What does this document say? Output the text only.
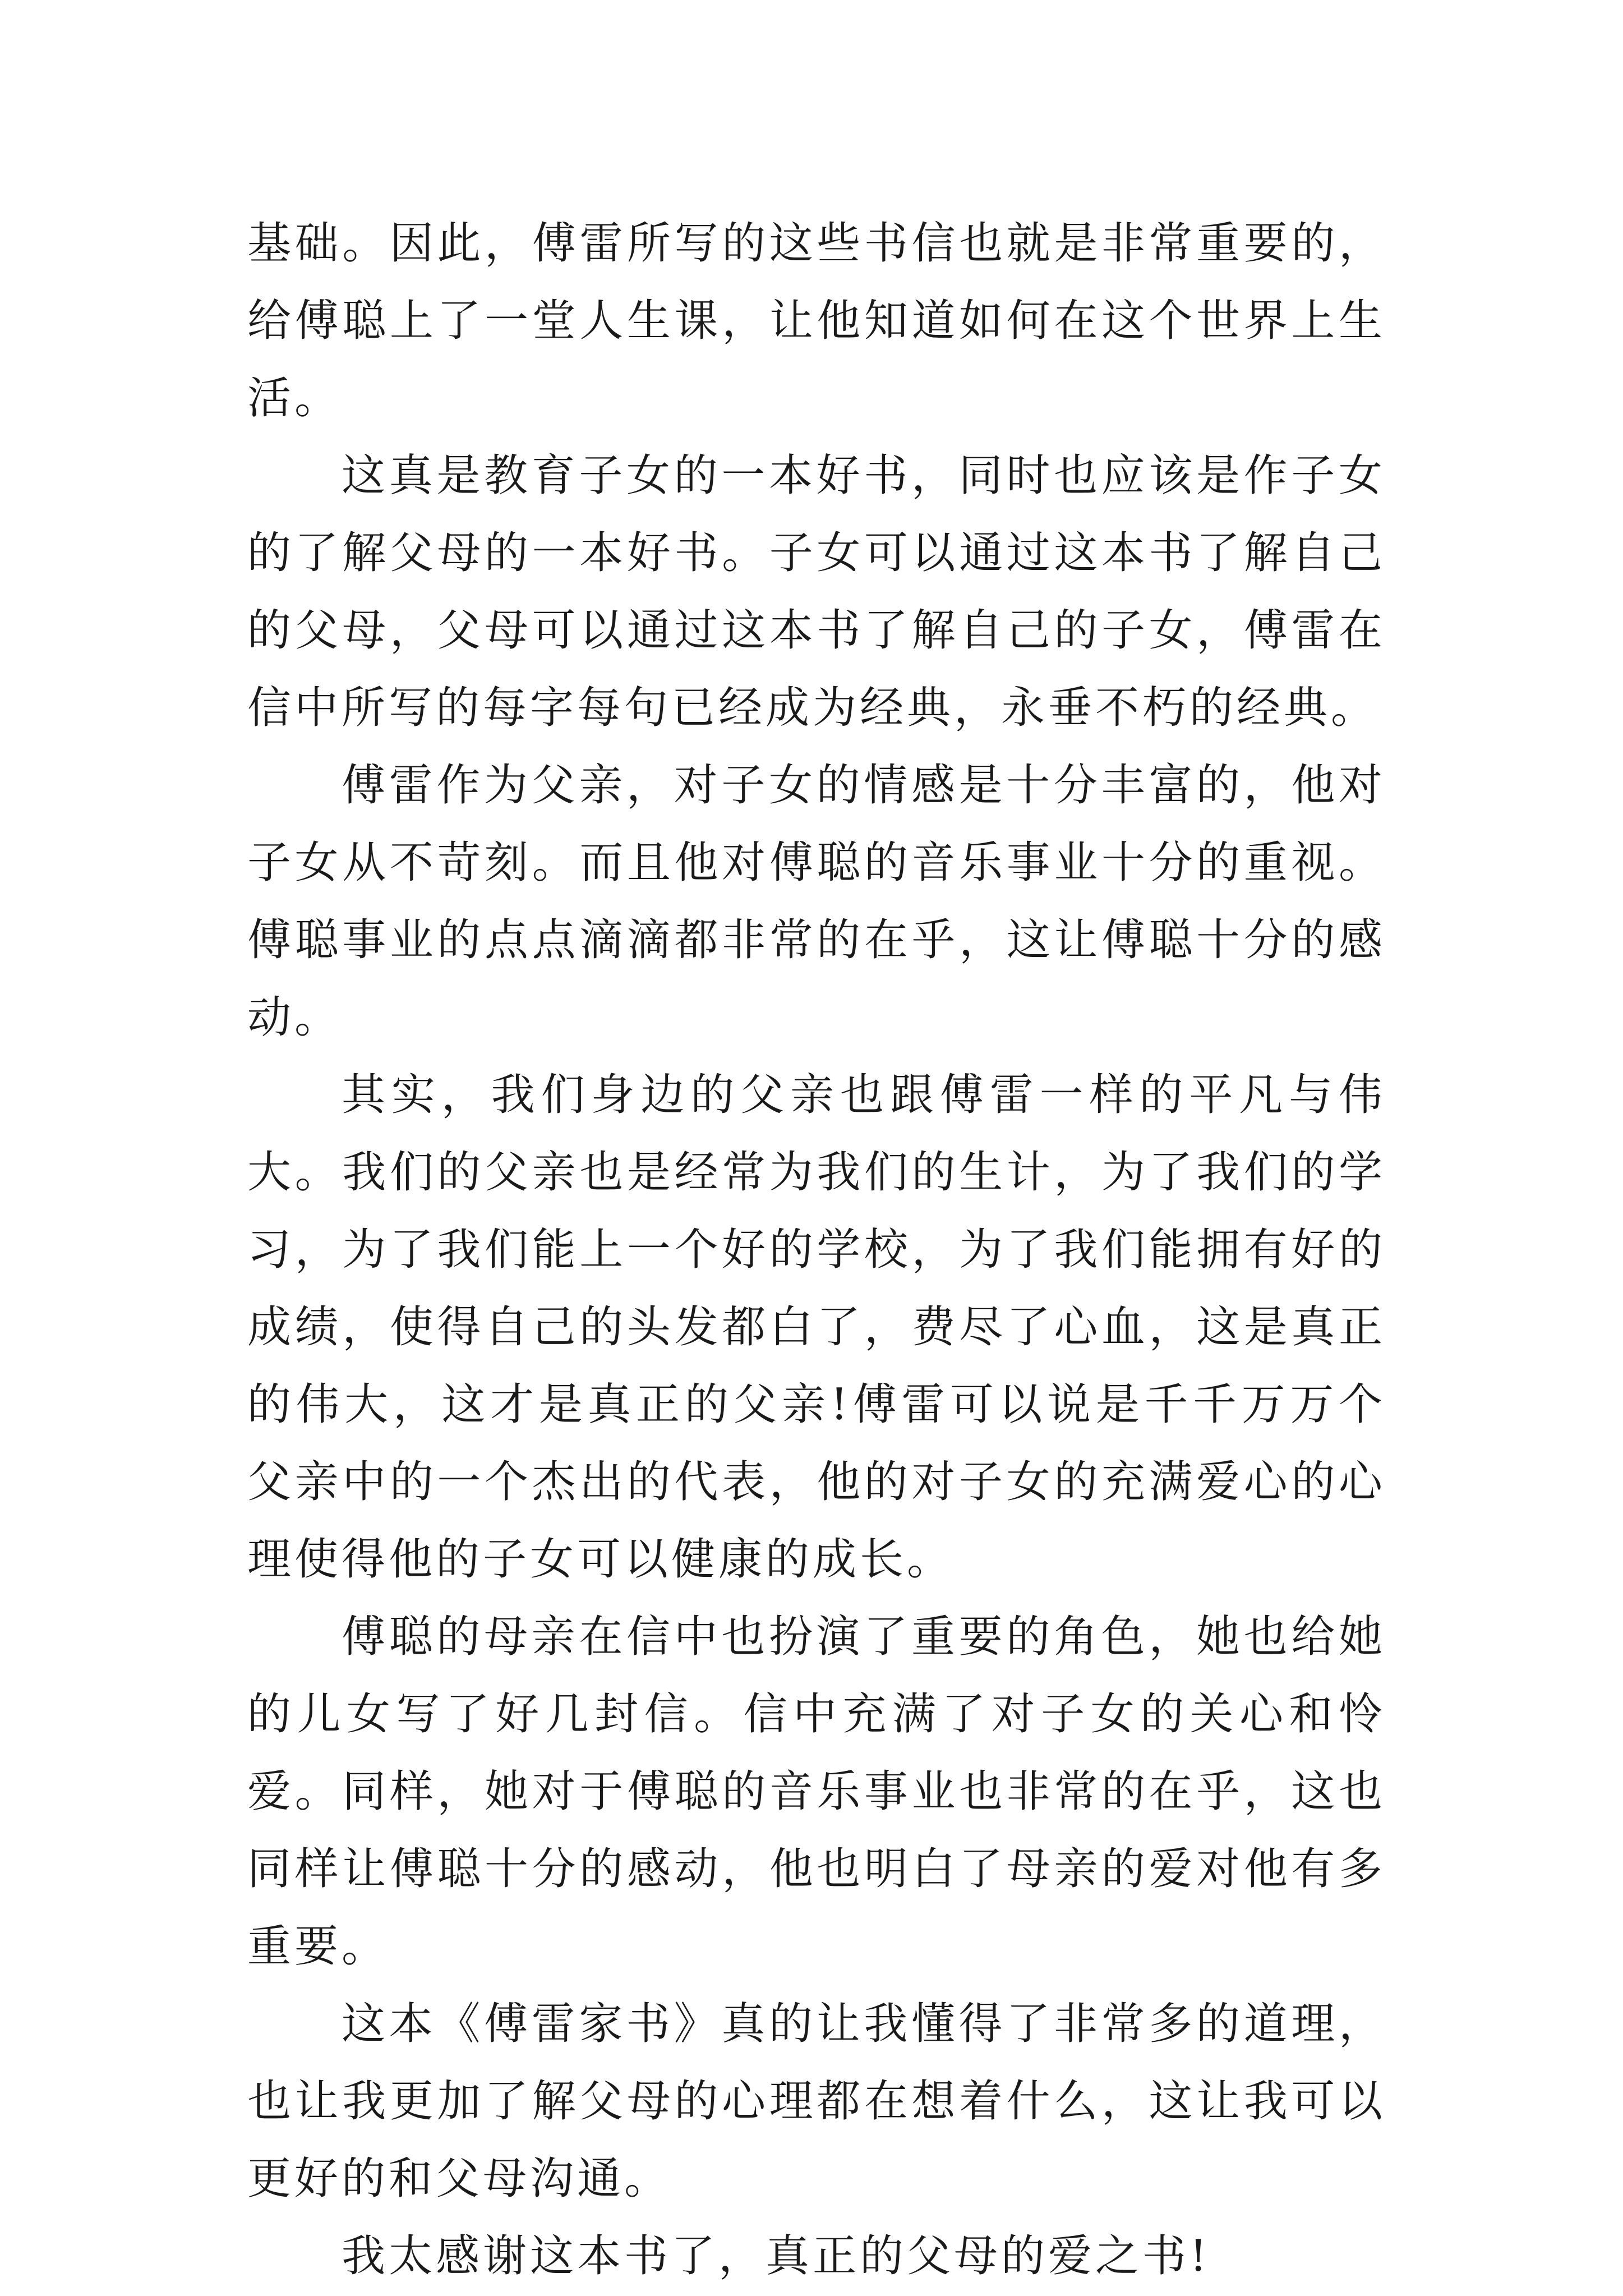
基础。因此，傅雷所写的这些书信也就是非常重要的，给傅聪上了一堂人生课，让他知道如何在这个世界上生活。

这真是教育子女的一本好书，同时也应该是作子女的了解父母的一本好书。子女可以通过这本书了解自己的父母，父母可以通过这本书了解自己的子女，傅雷在信中所写的每字每句已经成为经典，永垂不朽的经典。

傅雷作为父亲，对子女的情感是十分丰富的，他对子女从不苛刻。而且他对傅聪的音乐事业十分的重视。傅聪事业的点点滴滴都非常的在乎，这让傅聪十分的感动。

其实，我们身边的父亲也跟傅雷一样的平凡与伟大。我们的父亲也是经常为我们的生计，为了我们的学习，为了我们能上一个好的学校，为了我们能拥有好的成绩，使得自己的头发都白了，费尽了心血，这是真正的伟大，这才是真正的父亲!傅雷可以说是千千万万个父亲中的一个杰出的代表，他的对子女的充满爱心的心理使得他的子女可以健康的成长。

傅聪的母亲在信中也扮演了重要的角色，她也给她的儿女写了好几封信。信中充满了对子女的关心和怜爱。同样，她对于傅聪的音乐事业也非常的在乎，这也同样让傅聪十分的感动，他也明白了母亲的爱对他有多重要。

这本《傅雷家书》真的让我懂得了非常多的道理，也让我更加了解父母的心理都在想着什么，这让我可以更好的和父母沟通。

我太感谢这本书了，真正的父母的爱之书!
